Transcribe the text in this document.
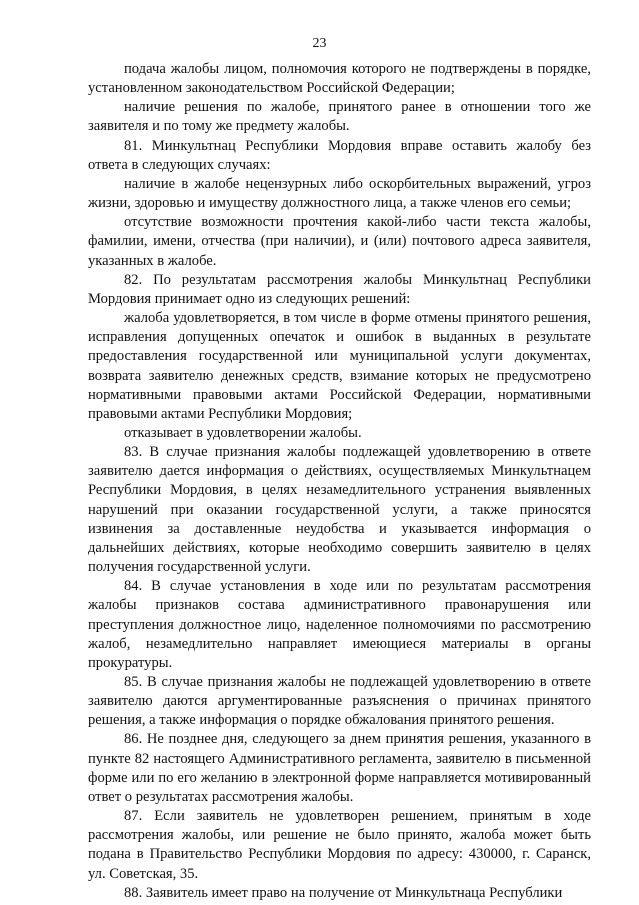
23

подача жалобы лицом, полномочия которого не подтверждены в порядке, установленном законодательством Российской Федерации;

наличие решения по жалобе, принятого ранее в отношении того же заявителя и по тому же предмету жалобы.

81. Минкультнац Республики Мордовия вправе оставить жалобу без ответа в следующих случаях:

наличие в жалобе нецензурных либо оскорбительных выражений, угроз жизни, здоровью и имуществу должностного лица, а также членов его семьи;

отсутствие возможности прочтения какой-либо части текста жалобы, фамилии, имени, отчества (при наличии), и (или) почтового адреса заявителя, указанных в жалобе.

82. По результатам рассмотрения жалобы Минкультнац Республики Мордовия принимает одно из следующих решений:

жалоба удовлетворяется, в том числе в форме отмены принятого решения, исправления допущенных опечаток и ошибок в выданных в результате предоставления государственной или муниципальной услуги документах, возврата заявителю денежных средств, взимание которых не предусмотрено нормативными правовыми актами Российской Федерации, нормативными правовыми актами Республики Мордовия;

отказывает в удовлетворении жалобы.

83. В случае признания жалобы подлежащей удовлетворению в ответе заявителю дается информация о действиях, осуществляемых Минкультнацем Республики Мордовия, в целях незамедлительного устранения выявленных нарушений при оказании государственной услуги, а также приносятся извинения за доставленные неудобства и указывается информация о дальнейших действиях, которые необходимо совершить заявителю в целях получения государственной услуги.

84. В случае установления в ходе или по результатам рассмотрения жалобы признаков состава административного правонарушения или преступления должностное лицо, наделенное полномочиями по рассмотрению жалоб, незамедлительно направляет имеющиеся материалы в органы прокуратуры.

85. В случае признания жалобы не подлежащей удовлетворению в ответе заявителю даются аргументированные разъяснения о причинах принятого решения, а также информация о порядке обжалования принятого решения.

86. Не позднее дня, следующего за днем принятия решения, указанного в пункте 82 настоящего Административного регламента, заявителю в письменной форме или по его желанию в электронной форме направляется мотивированный ответ о результатах рассмотрения жалобы.

87. Если заявитель не удовлетворен решением, принятым в ходе рассмотрения жалобы, или решение не было принято, жалоба может быть подана в Правительство Республики Мордовия по адресу: 430000, г. Саранск, ул. Советская, 35.

88. Заявитель имеет право на получение от Минкультнаца Республики
